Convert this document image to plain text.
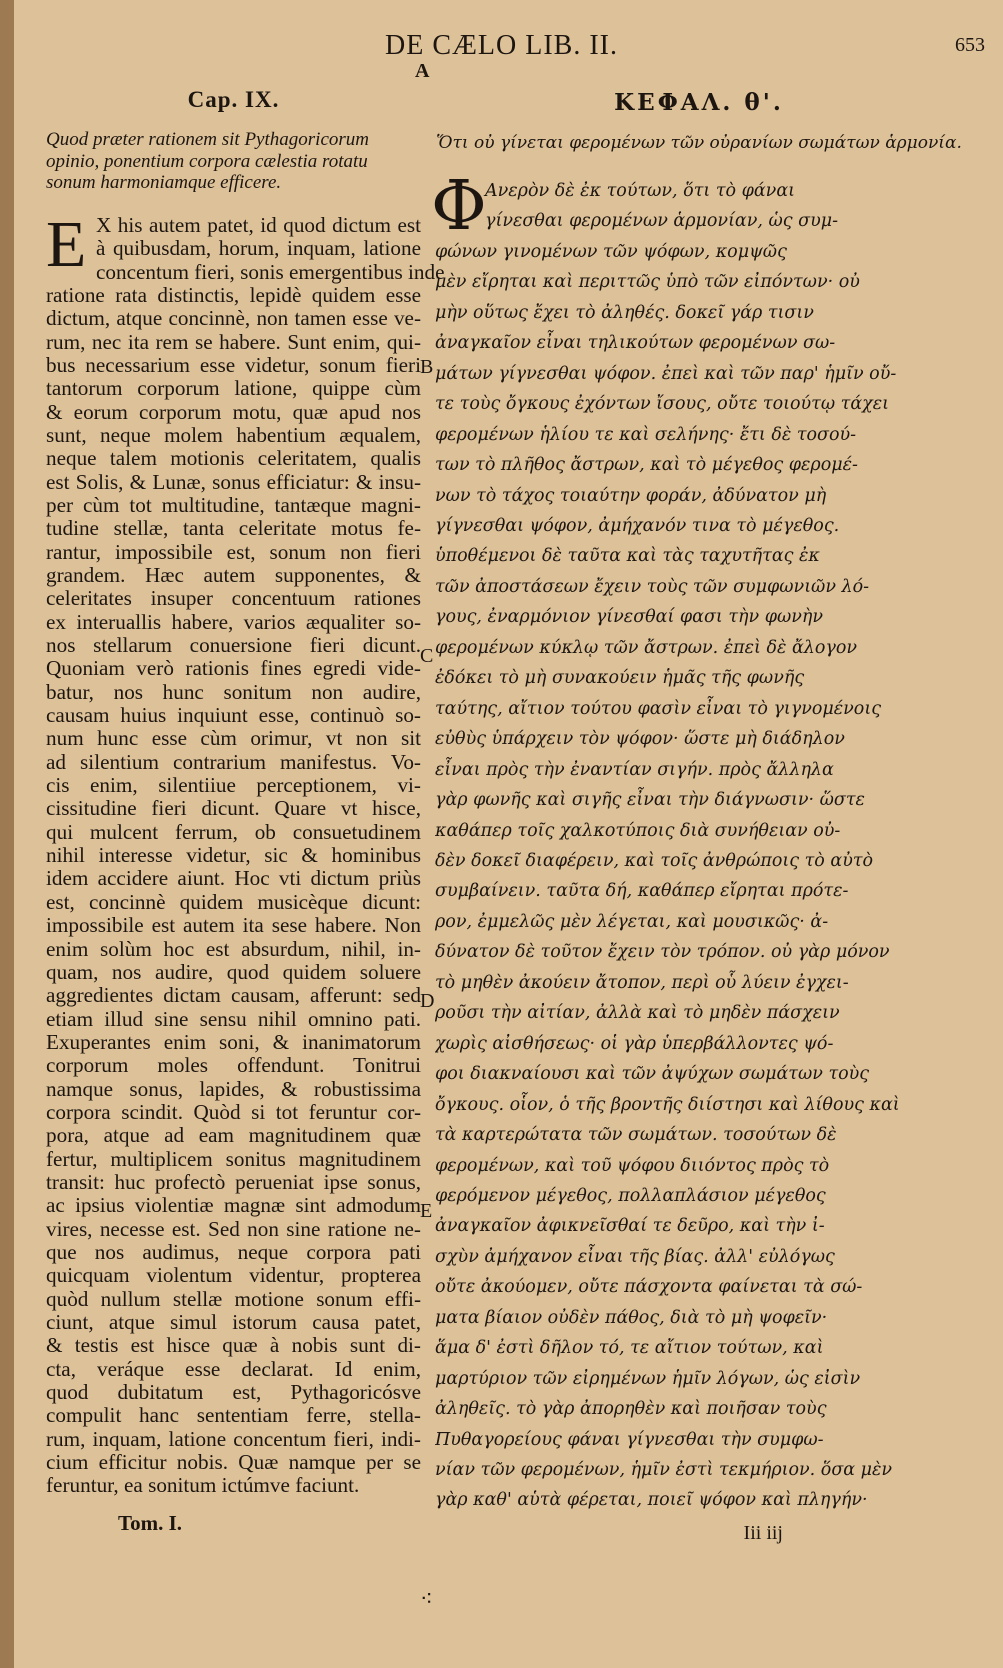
DE CÆLO LIB. II.	653
A
Cap. IX.
Quod præter rationem sit Pythagoricorum opinio, ponentium corpora cælestia rotatu sonum harmoniamque efficere.
E X his autem patet, id quod dictum est
à quibusdam, horum, inquam, latione
concentum fieri, sonis emergentibus inde
ratione rata distinctis, lepidè quidem esse
dictum, atque concinnè, non tamen esse ve-
rum, nec ita rem se habere. Sunt enim, qui-
bus necessarium esse videtur, sonum fieri
tantorum corporum latione, quippe cùm
& eorum corporum motu, quæ apud nos
sunt, neque molem habentium æqualem,
neque talem motionis celeritatem, qualis
est Solis, & Lunæ, sonus efficiatur: & insu-
per cùm tot multitudine, tantæque magni-
tudine stellæ, tanta celeritate motus fe-
rantur, impossibile est, sonum non fieri
grandem. Hæc autem supponentes, &
celeritates insuper concentuum rationes
ex interuallis habere, varios æqualiter so-
nos stellarum conuersione fieri dicunt.
Quoniam verò rationis fines egredi vide-
batur, nos hunc sonitum non audire,
causam huius inquiunt esse, continuò so-
num hunc esse cùm orimur, vt non sit
ad silentium contrarium manifestus. Vo-
cis enim, silentiiue perceptionem, vi-
cissitudine fieri dicunt. Quare vt hisce,
qui mulcent ferrum, ob consuetudinem
nihil interesse videtur, sic & hominibus
idem accidere aiunt. Hoc vti dictum priùs
est, concinnè quidem musicèque dicunt:
impossibile est autem ita sese habere. Non
enim solùm hoc est absurdum, nihil, in-
quam, nos audire, quod quidem soluere
aggredientes dictam causam, afferunt: sed
etiam illud sine sensu nihil omnino pati.
Exuperantes enim soni, & inanimatorum
corporum moles offendunt. Tonitrui
namque sonus, lapides, & robustissima
corpora scindit. Quòd si tot feruntur cor-
pora, atque ad eam magnitudinem quæ
fertur, multiplicem sonitus magnitudinem
transit: huc profectò perueniat ipse sonus,
ac ipsius violentiæ magnæ sint admodum
vires, necesse est. Sed non sine ratione ne-
que nos audimus, neque corpora pati
quicquam violentum videntur, propterea
quòd nullum stellæ motione sonum effi-
ciunt, atque simul istorum causa patet,
& testis est hisce quæ à nobis sunt di-
cta, veráque esse declarat. Id enim,
quod dubitatum est, Pythagoricósve
compulit hanc sententiam ferre, stella-
rum, inquam, latione concentum fieri, indi-
cium efficitur nobis. Quæ namque per se
feruntur, ea sonitum ictúmve faciunt.
Tom. I.
B
C
D
E
ΚΕΦΑΛ. θ'.
Ὅτι οὐ γίνεται φερομένων τῶν οὐρανίων σωμάτων ἁρμονία.
Φ
Ανερὸν δὲ ἐκ τούτων, ὅτι τὸ φάναι
γίνεσθαι φερομένων ἁρμονίαν, ὡς συμ-
φώνων γινομένων τῶν ψόφων, κομψῶς
μὲν εἴρηται καὶ περιττῶς ὑπὸ τῶν εἰπόντων· οὐ
μὴν οὕτως ἔχει τὸ ἀληθές. δοκεῖ γάρ τισιν
ἀναγκαῖον εἶναι τηλικούτων φερομένων σω-
μάτων γίγνεσθαι ψόφον. ἐπεὶ καὶ τῶν παρ' ἡμῖν οὔ-
τε τοὺς ὄγκους ἐχόντων ἴσους, οὔτε τοιούτῳ τάχει
φερομένων ἡλίου τε καὶ σελήνης· ἔτι δὲ τοσού-
των τὸ πλῆθος ἄστρων, καὶ τὸ μέγεθος φερομέ-
νων τὸ τάχος τοιαύτην φοράν, ἀδύνατον μὴ
γίγνεσθαι ψόφον, ἀμήχανόν τινα τὸ μέγεθος.
ὑποθέμενοι δὲ ταῦτα καὶ τὰς ταχυτῆτας ἐκ
τῶν ἀποστάσεων ἔχειν τοὺς τῶν συμφωνιῶν λό-
γους, ἐναρμόνιον γίνεσθαί φασι τὴν φωνὴν
φερομένων κύκλῳ τῶν ἄστρων. ἐπεὶ δὲ ἄλογον
ἐδόκει τὸ μὴ συνακούειν ἡμᾶς τῆς φωνῆς
ταύτης, αἴτιον τούτου φασὶν εἶναι τὸ γιγνομένοις
εὐθὺς ὑπάρχειν τὸν ψόφον· ὥστε μὴ διάδηλον
εἶναι πρὸς τὴν ἐναντίαν σιγήν. πρὸς ἄλληλα
γὰρ φωνῆς καὶ σιγῆς εἶναι τὴν διάγνωσιν· ὥστε
καθάπερ τοῖς χαλκοτύποις διὰ συνήθειαν οὐ-
δὲν δοκεῖ διαφέρειν, καὶ τοῖς ἀνθρώποις τὸ αὐτὸ
συμβαίνειν. ταῦτα δή, καθάπερ εἴρηται πρότε-
ρον, ἐμμελῶς μὲν λέγεται, καὶ μουσικῶς· ἀ-
δύνατον δὲ τοῦτον ἔχειν τὸν τρόπον. οὐ γὰρ μόνον
τὸ μηθὲν ἀκούειν ἄτοπον, περὶ οὗ λύειν ἐγχει-
ροῦσι τὴν αἰτίαν, ἀλλὰ καὶ τὸ μηδὲν πάσχειν
χωρὶς αἰσθήσεως· οἱ γὰρ ὑπερβάλλοντες ψό-
φοι διακναίουσι καὶ τῶν ἀψύχων σωμάτων τοὺς
ὄγκους. οἷον, ὁ τῆς βροντῆς διίστησι καὶ λίθους καὶ
τὰ καρτερώτατα τῶν σωμάτων. τοσούτων δὲ
φερομένων, καὶ τοῦ ψόφου διιόντος πρὸς τὸ
φερόμενον μέγεθος, πολλαπλάσιον μέγεθος
ἀναγκαῖον ἀφικνεῖσθαί τε δεῦρο, καὶ τὴν ἰ-
σχὺν ἀμήχανον εἶναι τῆς βίας. ἀλλ' εὐλόγως
οὔτε ἀκούομεν, οὔτε πάσχοντα φαίνεται τὰ σώ-
ματα βίαιον οὐδὲν πάθος, διὰ τὸ μὴ ψοφεῖν·
ἅμα δ' ἐστὶ δῆλον τό, τε αἴτιον τούτων, καὶ
μαρτύριον τῶν εἰρημένων ἡμῖν λόγων, ὡς εἰσὶν
ἀληθεῖς. τὸ γὰρ ἀπορηθὲν καὶ ποιῆσαν τοὺς
Πυθαγορείους φάναι γίγνεσθαι τὴν συμφω-
νίαν τῶν φερομένων, ἡμῖν ἐστὶ τεκμήριον. ὅσα μὲν
γὰρ καθ' αὑτὰ φέρεται, ποιεῖ ψόφον καὶ πληγήν·
Iii iij
⁖
